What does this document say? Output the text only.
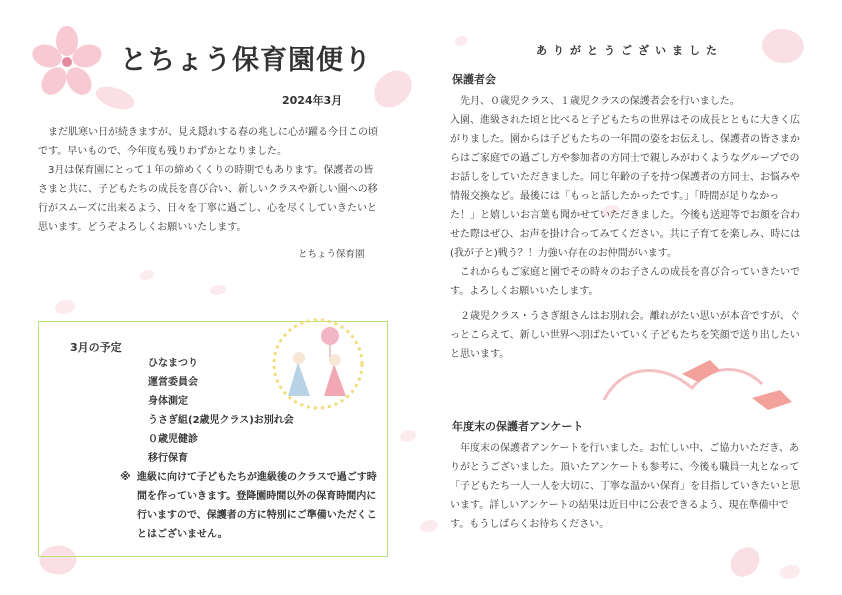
とちょう保育園便り
2024年3月

　まだ肌寒い日が続きますが、見え隠れする春の兆しに心が躍る今日この頃です。早いもので、今年度も残りわずかとなりました。
　3月は保育園にとって１年の締めくくりの時期でもあります。保護者の皆さまと共に、子どもたちの成長を喜び合い、新しいクラスや新しい園への移行がスムーズに出来るよう、日々を丁寧に過ごし、心を尽くしていきたいと思います。どうぞよろしくお願いいたします。

とちょう保育園
3月の予定
ひなまつり
運営委員会
身体測定
うさぎ組(2歳児クラス)お別れ会
０歳児健診
移行保育
※ 進級に向けて子どもたちが進級後のクラスで過ごす時間を作っていきます。登降園時間以外の保育時間内に行いますので、保護者の方に特別にご準備いただくことはございません。

ありがとうございました
保護者会

　先月、０歳児クラス、１歳児クラスの保護者会を行いました。
入園、進級された頃と比べると子どもたちの世界はその成長とともに大きく広がりました。園からは子どもたちの一年間の姿をお伝えし、保護者の皆さまからはご家庭での過ごし方や参加者の方同士で親しみがわくようなグループでのお話しをしていただきました。同じ年齢の子を持つ保護者の方同士、お悩みや情報交換など。最後には「もっと話したかったです。」「時間が足りなかった！」と嬉しいお言葉も聞かせていただきました。今後も送迎等でお顔を合わせた際はぜひ、お声を掛け合ってみてください。共に子育てを楽しみ、時には(我が子と)戦う？！力強い存在のお仲間がいます。
　これからもご家庭と園でその時々のお子さんの成長を喜び合っていきたいです。よろしくお願いいたします。

　２歳児クラス・うさぎ組さんはお別れ会。離れがたい思いが本音ですが、ぐっとこらえて、新しい世界へ羽ばたいていく子どもたちを笑顔で送り出したいと思います。

年度末の保護者アンケート

　年度末の保護者アンケートを行いました。お忙しい中、ご協力いただき、ありがとうございました。頂いたアンケートも参考に、今後も職員一丸となって「子どもたち一人一人を大切に、丁寧な温かい保育」を目指していきたいと思います。詳しいアンケートの結果は近日中に公表できるよう、現在準備中です。もうしばらくお待ちください。
